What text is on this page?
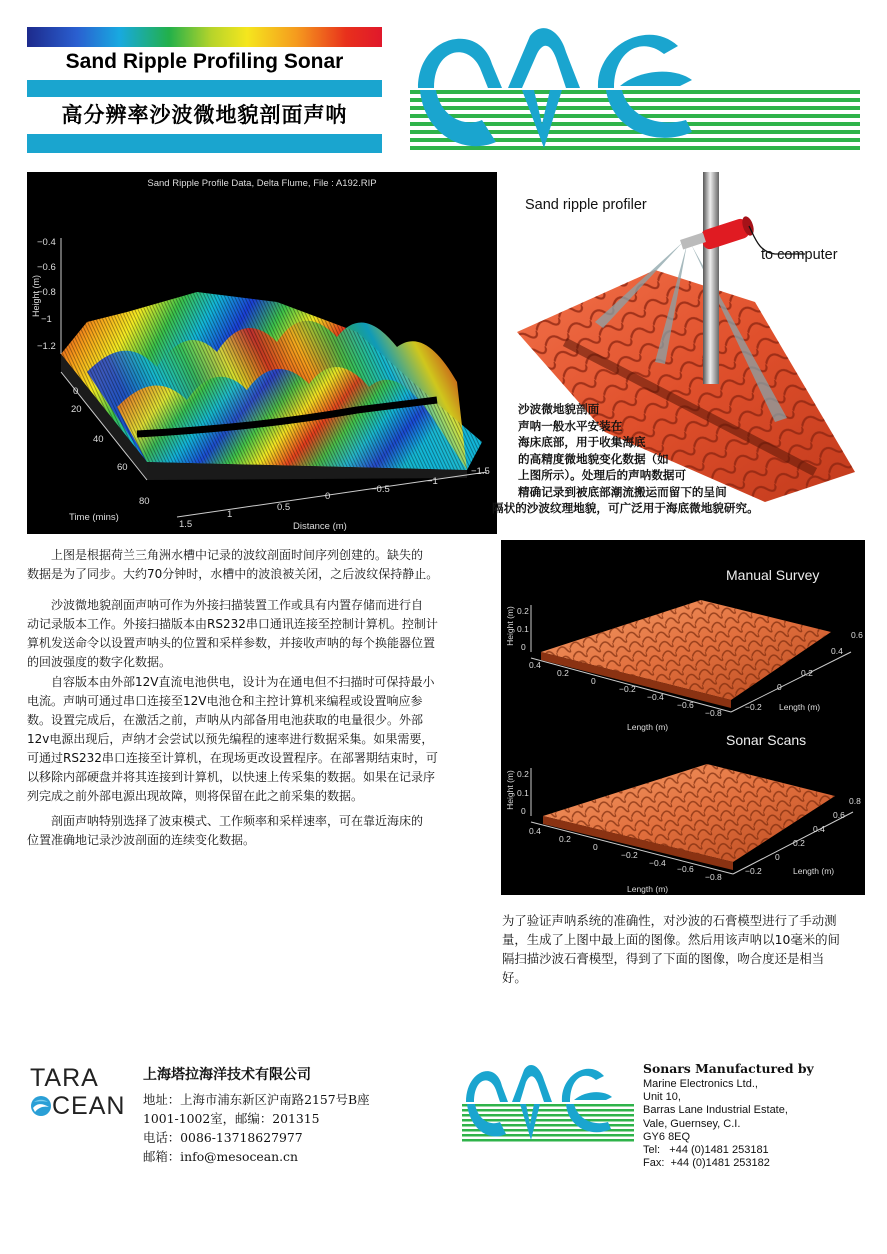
Sand Ripple Profiling Sonar
高分辨率沙波微地貌剖面声呐
Sand Ripple Profile Data, Delta Flume, File : A192.RIP
Height (m)
−0.4
−0.6
−0.8
−1
−1.2
0
20
40
60
80
Time (mins)
1.5
1
0.5
0
−0.5
−1
−1.5
Distance (m)
Sand ripple profiler
to computer
沙波微地貌剖面
声呐一般水平安装在
海床底部，用于收集海底
的高精度微地貌变化数据（如
上图所示）。处理后的声呐数据可
精确记录到被底部潮流搬运而留下的呈间
隔状的沙波纹理地貌，可广泛用于海底微地貌研究。
上图是根据荷兰三角洲水槽中记录的波纹剖面时间序列创建的。缺失的
数据是为了同步。大约70分钟时，水槽中的波浪被关闭，之后波纹保持静止。
沙波微地貌剖面声呐可作为外接扫描装置工作或具有内置存储而进行自
动记录版本工作。外接扫描版本由RS232串口通讯连接至控制计算机。控制计
算机发送命令以设置声呐头的位置和采样参数，并接收声呐的每个换能器位置
的回波强度的数字化数据。
自容版本由外部12V直流电池供电，设计为在通电但不扫描时可保持最小
电流。声呐可通过串口连接至12V电池仓和主控计算机来编程或设置响应参
数。设置完成后，在激活之前，声呐从内部备用电池获取的电量很少。外部
12v电源出现后，声纳才会尝试以预先编程的速率进行数据采集。如果需要，
可通过RS232串口连接至计算机，在现场更改设置程序。在部署期结束时，可
以移除内部硬盘并将其连接到计算机，以快速上传采集的数据。如果在记录序
列完成之前外部电源出现故障，则将保留在此之前采集的数据。
剖面声呐特别选择了波束模式、工作频率和采样速率，可在靠近海床的
位置准确地记录沙波剖面的连续变化数据。
Manual Survey
Height (m) 0.2
0.1
0
0.4
0.2
0
−0.2
−0.4
−0.6
−0.8
Length (m)
0.6
0.4
0.2
0
−0.2 Length (m)
Sonar Scans
Height (m) 0.2
0.1
0
0.4
0.2
0
−0.2
−0.4
−0.6
−0.8
Length (m)
0.8
0.6
0.4
0.2
0
−0.2	Length (m)
为了验证声呐系统的准确性，对沙波的石膏模型进行了手动测
量，生成了上图中最上面的图像。然后用该声呐以10毫米的间
隔扫描沙波石膏模型，得到了下面的图像，吻合度还是相当
好。
TARA
CEAN
上海塔拉海洋技术有限公司
地址：上海市浦东新区沪南路2157号B座
1001-1002室，邮编：201315
电话：0086-13718627977
邮箱：info@mesocean.cn
Sonars Manufactured by
Marine Electronics Ltd.,
Unit 10,
Barras Lane Industrial Estate,
Vale, Guernsey, C.I.
GY6 8EQ
Tel:   +44 (0)1481 253181
Fax:  +44 (0)1481 253182
